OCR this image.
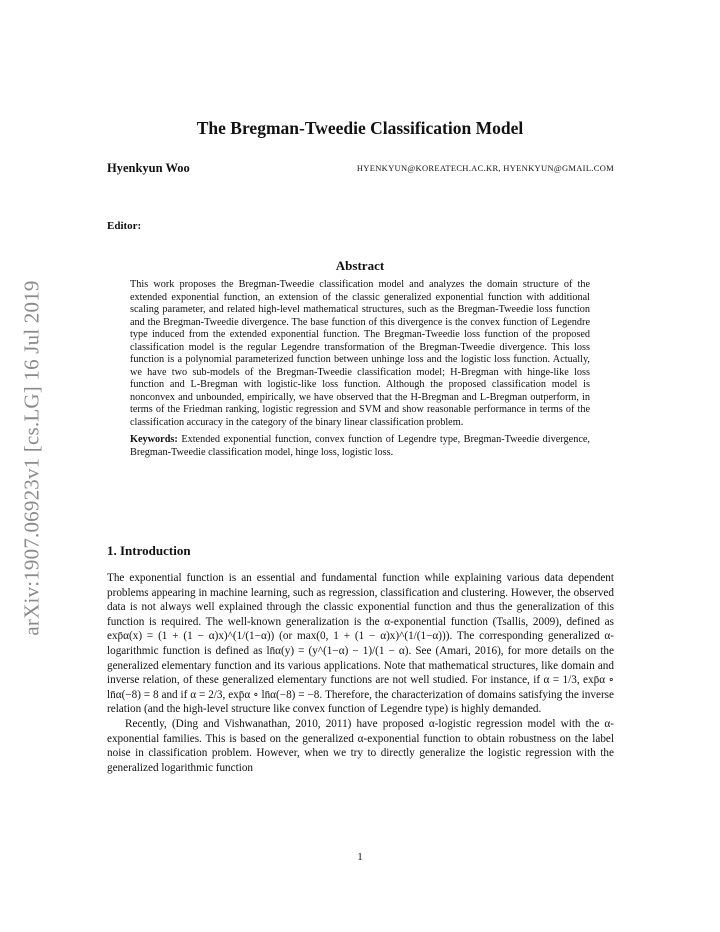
arXiv:1907.06923v1 [cs.LG] 16 Jul 2019
The Bregman-Tweedie Classification Model
Hyenkyun Woo	HYENKYUN@KOREATECH.AC.KR, HYENKYUN@GMAIL.COM
Editor:
Abstract

This work proposes the Bregman-Tweedie classification model and analyzes the domain structure of the extended exponential function, an extension of the classic generalized exponential function with additional scaling parameter, and related high-level mathematical structures, such as the Bregman-Tweedie loss function and the Bregman-Tweedie divergence. The base function of this divergence is the convex function of Legendre type induced from the extended exponential function. The Bregman-Tweedie loss function of the proposed classification model is the regular Legendre transformation of the Bregman-Tweedie divergence. This loss function is a polynomial parameterized function between unhinge loss and the logistic loss function. Actually, we have two sub-models of the Bregman-Tweedie classification model; H-Bregman with hinge-like loss function and L-Bregman with logistic-like loss function. Although the proposed classification model is nonconvex and unbounded, empirically, we have observed that the H-Bregman and L-Bregman outperform, in terms of the Friedman ranking, logistic regression and SVM and show reasonable performance in terms of the classification accuracy in the category of the binary linear classification problem.

Keywords: Extended exponential function, convex function of Legendre type, Bregman-Tweedie divergence, Bregman-Tweedie classification model, hinge loss, logistic loss.

1. Introduction

The exponential function is an essential and fundamental function while explaining various data dependent problems appearing in machine learning, such as regression, classification and clustering. However, the observed data is not always well explained through the classic exponential function and thus the generalization of this function is required. The well-known generalization is the α-exponential function (Tsallis, 2009), defined as exp̄α(x) = (1 + (1 − α)x)^(1/(1−α)) (or max(0, 1 + (1 − α)x)^(1/(1−α))). The corresponding generalized α-logarithmic function is defined as ln̄α(y) = (y^(1−α) − 1)/(1 − α). See (Amari, 2016), for more details on the generalized elementary function and its various applications. Note that mathematical structures, like domain and inverse relation, of these generalized elementary functions are not well studied. For instance, if α = 1/3, exp̄α ∘ ln̄α(−8) = 8 and if α = 2/3, exp̄α ∘ ln̄α(−8) = −8. Therefore, the characterization of domains satisfying the inverse relation (and the high-level structure like convex function of Legendre type) is highly demanded.

Recently, (Ding and Vishwanathan, 2010, 2011) have proposed α-logistic regression model with the α-exponential families. This is based on the generalized α-exponential function to obtain robustness on the label noise in classification problem. However, when we try to directly generalize the logistic regression with the generalized logarithmic function

1
